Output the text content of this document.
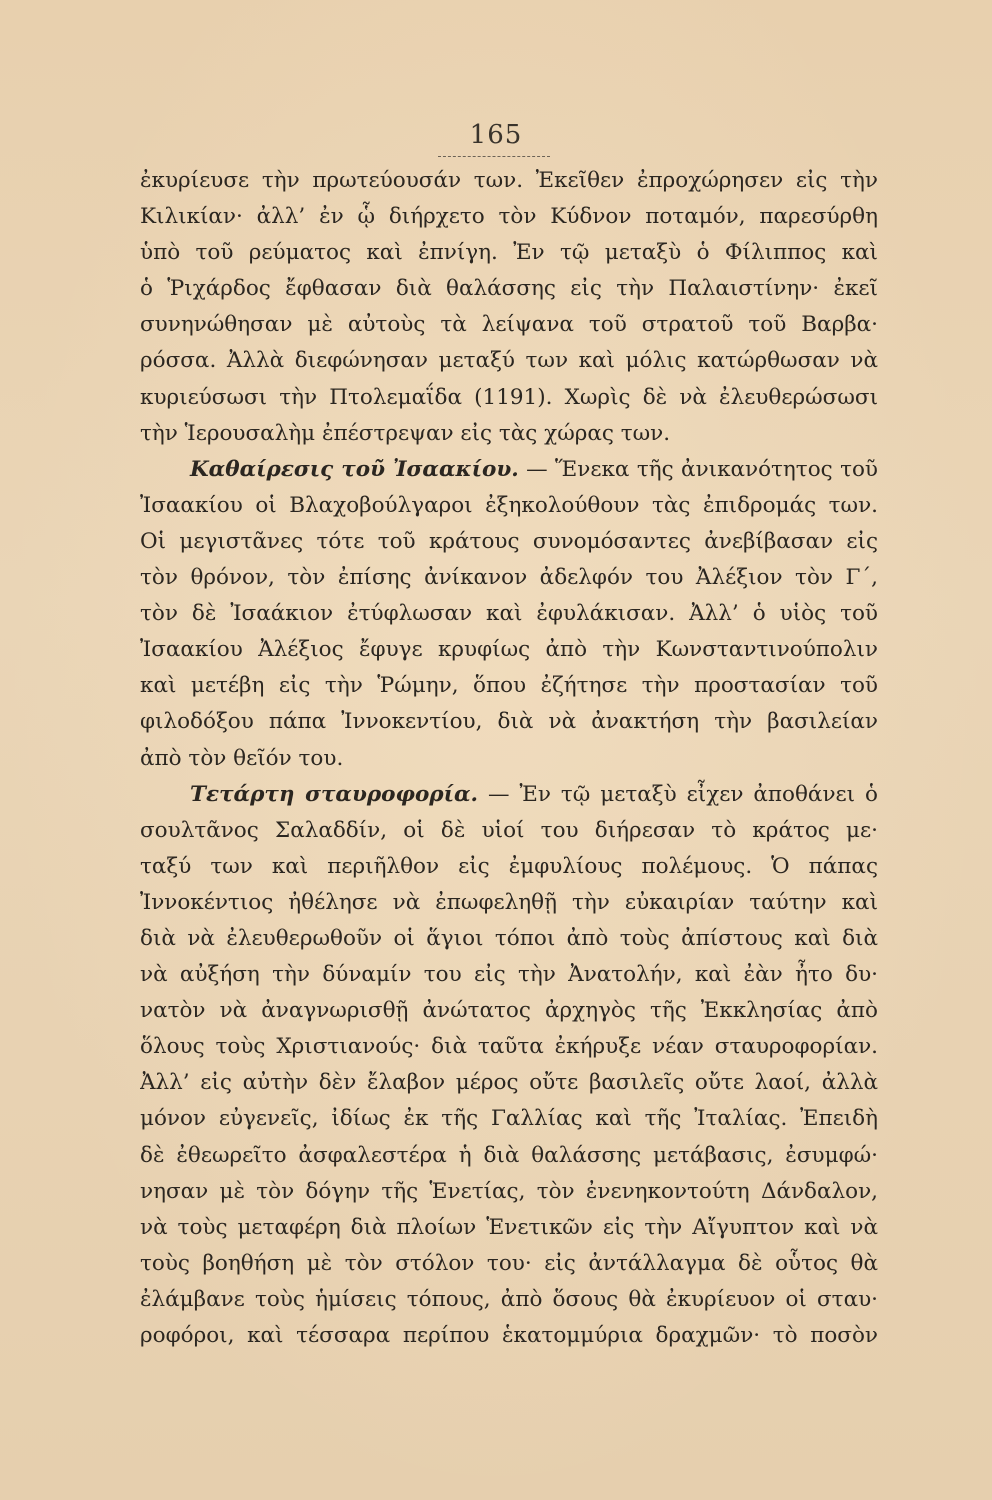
165
ἐκυρίευσε τὴν πρωτεύουσάν των. Ἐκεῖθεν ἐπροχώρησεν εἰς τὴν
Κιλικίαν· ἀλλ’ ἐν ᾧ διήρχετο τὸν Κύδνον ποταμόν, παρεσύρθη
ὑπὸ τοῦ ρεύματος καὶ ἐπνίγη. Ἐν τῷ μεταξὺ ὁ Φίλιππος καὶ
ὁ Ῥιχάρδος ἔφθασαν διὰ θαλάσσης εἰς τὴν Παλαιστίνην· ἐκεῖ
συνηνώθησαν μὲ αὐτοὺς τὰ λείψανα τοῦ στρατοῦ τοῦ Βαρβα·
ρόσσα. Ἀλλὰ διεφώνησαν μεταξύ των καὶ μόλις κατώρθωσαν νὰ
κυριεύσωσι τὴν Πτολεμαΐδα (1191). Χωρὶς δὲ νὰ ἐλευθερώσωσι
τὴν Ἱερουσαλὴμ ἐπέστρεψαν εἰς τὰς χώρας των.
Καθαίρεσις τοῦ Ἰσαακίου. — Ἕνεκα τῆς ἀνικανότητος τοῦ
Ἰσαακίου οἱ Βλαχοβούλγαροι ἐξηκολούθουν τὰς ἐπιδρομάς των.
Οἱ μεγιστᾶνες τότε τοῦ κράτους συνομόσαντες ἀνεβίβασαν εἰς
τὸν θρόνον, τὸν ἐπίσης ἀνίκανον ἀδελφόν του Ἀλέξιον τὸν Γ΄,
τὸν δὲ Ἰσαάκιον ἐτύφλωσαν καὶ ἐφυλάκισαν. Ἀλλ’ ὁ υἱὸς τοῦ
Ἰσαακίου Ἀλέξιος ἔφυγε κρυφίως ἀπὸ τὴν Κωνσταντινούπολιν
καὶ μετέβη εἰς τὴν Ῥώμην, ὅπου ἐζήτησε τὴν προστασίαν τοῦ
φιλοδόξου πάπα Ἰννοκεντίου, διὰ νὰ ἀνακτήση τὴν βασιλείαν
ἀπὸ τὸν θεῖόν του.
Τετάρτη σταυροφορία. — Ἐν τῷ μεταξὺ εἶχεν ἀποθάνει ὁ
σουλτᾶνος Σαλαδδίν, οἱ δὲ υἱοί του διήρεσαν τὸ κράτος με·
ταξύ των καὶ περιῆλθον εἰς ἐμφυλίους πολέμους. Ὁ πάπας
Ἰννοκέντιος ἠθέλησε νὰ ἐπωφεληθῇ τὴν εὐκαιρίαν ταύτην καὶ
διὰ νὰ ἐλευθερωθοῦν οἱ ἅγιοι τόποι ἀπὸ τοὺς ἀπίστους καὶ διὰ
νὰ αὐξήση τὴν δύναμίν του εἰς τὴν Ἀνατολήν, καὶ ἐὰν ἦτο δυ·
νατὸν νὰ ἀναγνωρισθῇ ἀνώτατος ἀρχηγὸς τῆς Ἐκκλησίας ἀπὸ
ὅλους τοὺς Χριστιανούς· διὰ ταῦτα ἐκήρυξε νέαν σταυροφορίαν.
Ἀλλ’ εἰς αὐτὴν δὲν ἔλαβον μέρος οὔτε βασιλεῖς οὔτε λαοί, ἀλλὰ
μόνον εὐγενεῖς, ἰδίως ἐκ τῆς Γαλλίας καὶ τῆς Ἰταλίας. Ἐπειδὴ
δὲ ἐθεωρεῖτο ἀσφαλεστέρα ἡ διὰ θαλάσσης μετάβασις, ἐσυμφώ·
νησαν μὲ τὸν δόγην τῆς Ἑνετίας, τὸν ἐνενηκοντούτη Δάνδαλον,
νὰ τοὺς μεταφέρη διὰ πλοίων Ἑνετικῶν εἰς τὴν Αἴγυπτον καὶ νὰ
τοὺς βοηθήση μὲ τὸν στόλον του· εἰς ἀντάλλαγμα δὲ οὗτος θὰ
ἐλάμβανε τοὺς ἡμίσεις τόπους, ἀπὸ ὅσους θὰ ἐκυρίευον οἱ σταυ·
ροφόροι, καὶ τέσσαρα περίπου ἑκατομμύρια δραχμῶν· τὸ ποσὸν
